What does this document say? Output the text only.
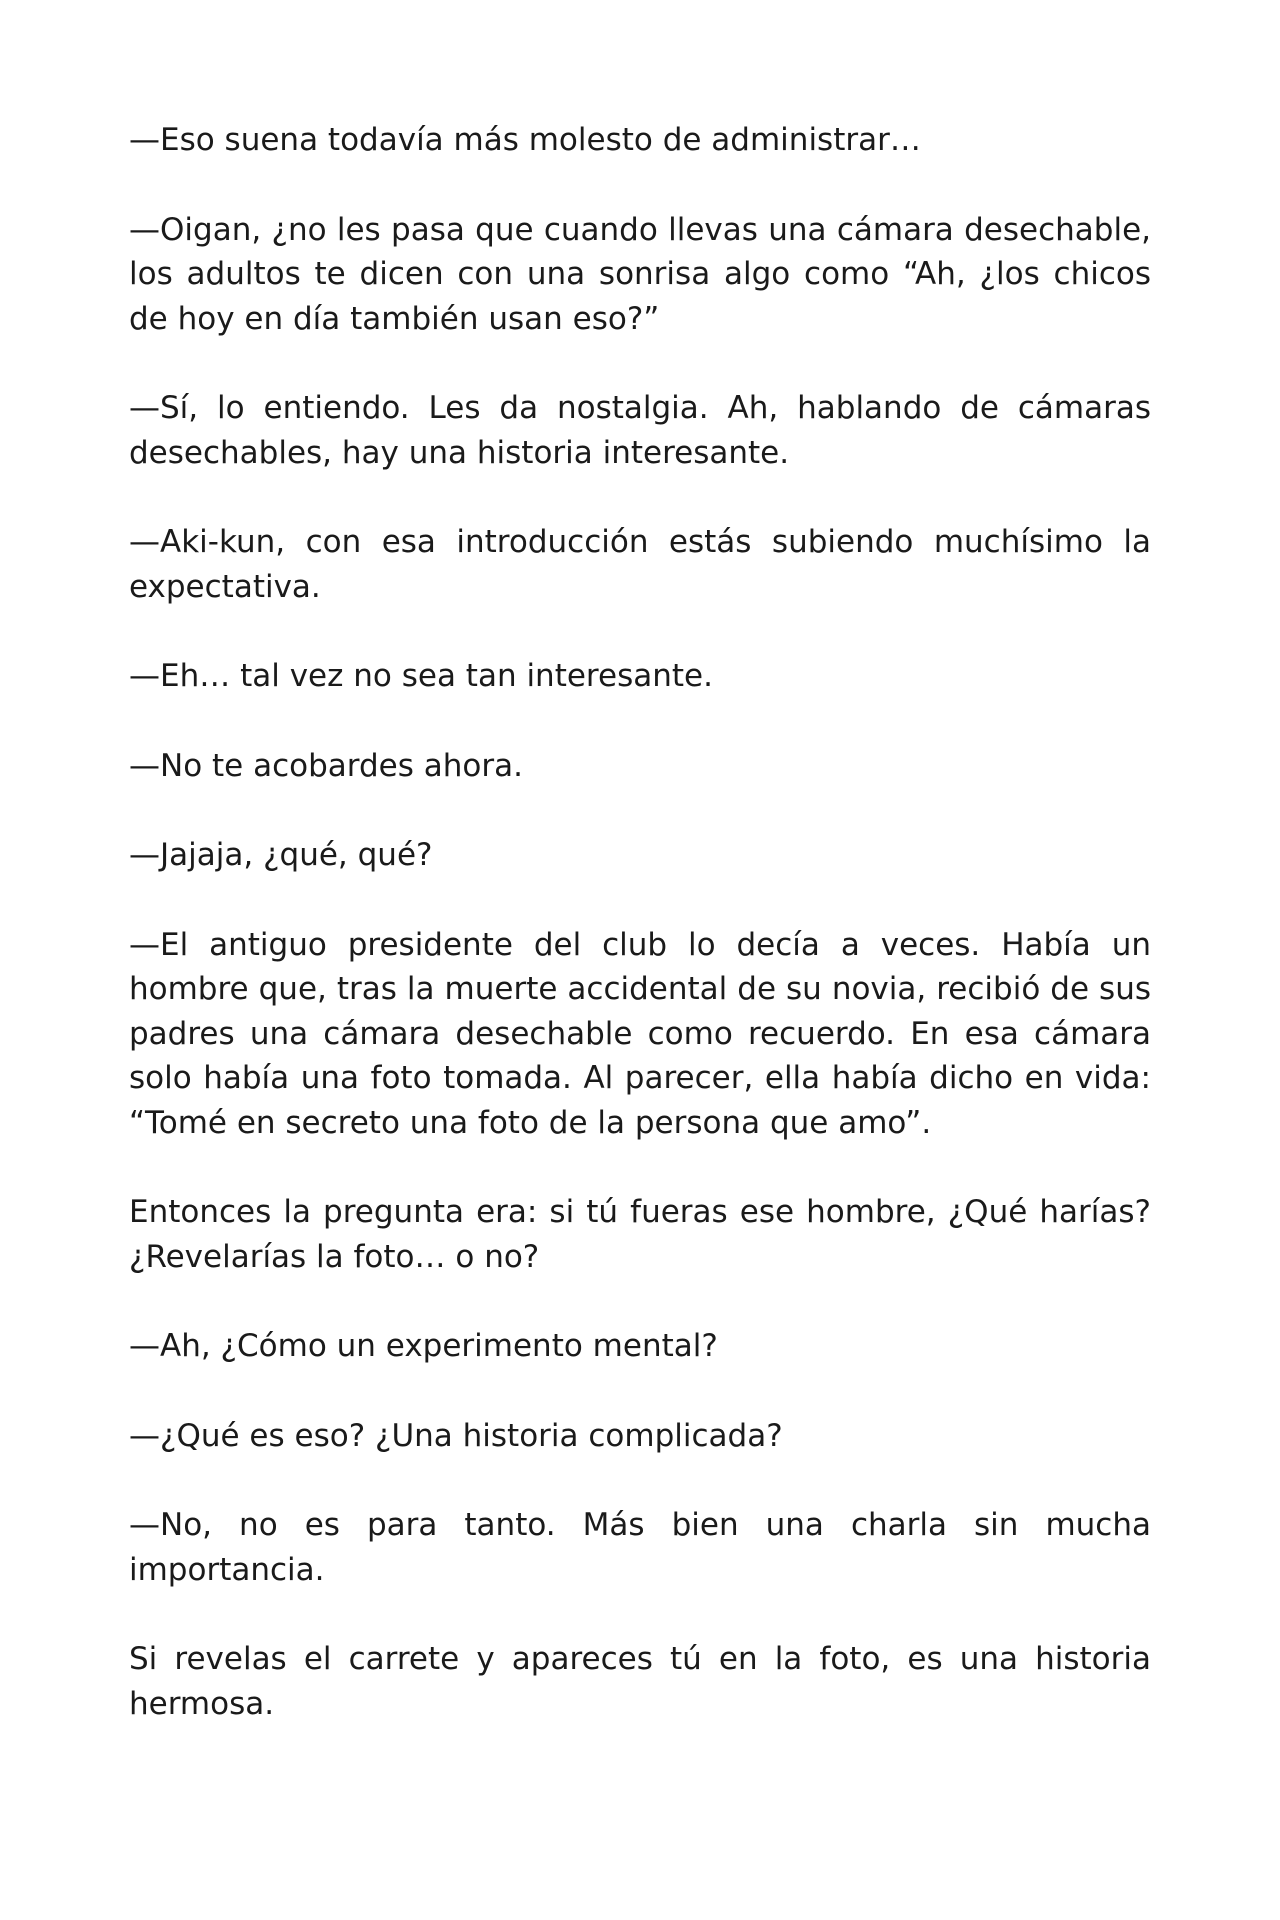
—Eso suena todavía más molesto de administrar…

—Oigan, ¿no les pasa que cuando llevas una cámara desechable, los adultos te dicen con una sonrisa algo como “Ah, ¿los chicos de hoy en día también usan eso?”

—Sí, lo entiendo. Les da nostalgia. Ah, hablando de cámaras desechables, hay una historia interesante.

—Aki-kun, con esa introducción estás subiendo muchísimo la expectativa.

—Eh… tal vez no sea tan interesante.

—No te acobardes ahora.

—Jajaja, ¿qué, qué?

—El antiguo presidente del club lo decía a veces. Había un hombre que, tras la muerte accidental de su novia, recibió de sus padres una cámara desechable como recuerdo. En esa cámara solo había una foto tomada. Al parecer, ella había dicho en vida: “Tomé en secreto una foto de la persona que amo”.

Entonces la pregunta era: si tú fueras ese hombre, ¿Qué harías? ¿Revelarías la foto… o no?

—Ah, ¿Cómo un experimento mental?

—¿Qué es eso? ¿Una historia complicada?

—No, no es para tanto. Más bien una charla sin mucha importancia.

Si revelas el carrete y apareces tú en la foto, es una historia hermosa.
